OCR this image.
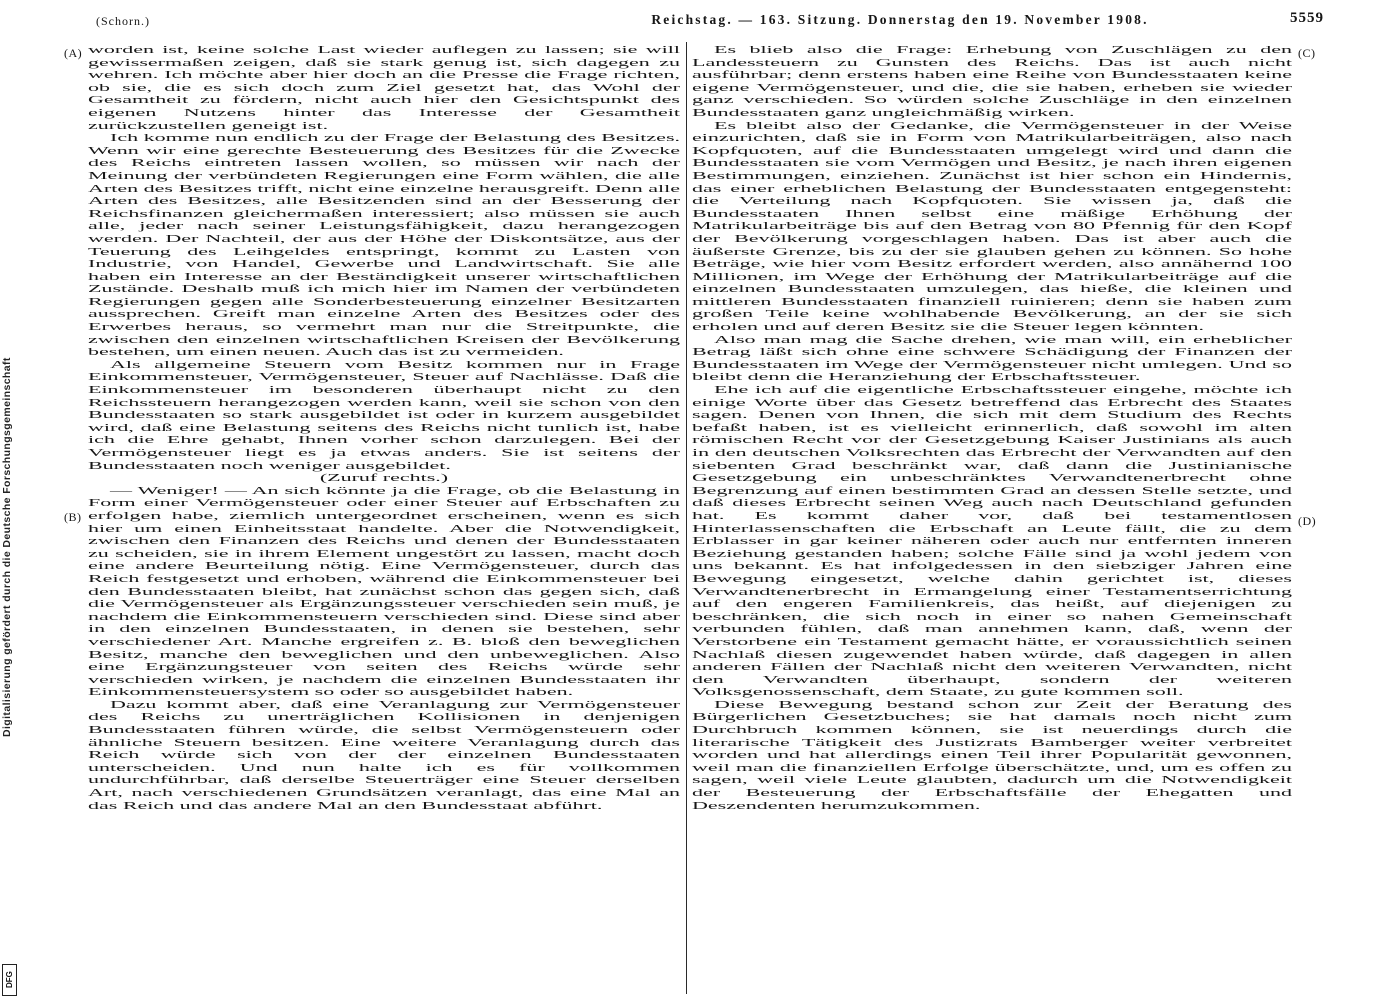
Digitalisierung gefördert durch die Deutsche Forschungsgemeinschaft
DFG
(Schorn.)	Reichstag. — 163. Sitzung. Donnerstag den 19. November 1908.	5559
(A)
(B)
(C)
(D)

worden ist, keine solche Last wieder auflegen zu lassen; sie will gewissermaßen zeigen, daß sie stark genug ist, sich dagegen zu wehren. Ich möchte aber hier doch an die Presse die Frage richten, ob sie, die es sich doch zum Ziel gesetzt hat, das Wohl der Gesamtheit zu fördern, nicht auch hier den Gesichtspunkt des eigenen Nutzens hinter das Interesse der Gesamtheit zurückzustellen geneigt ist.

Ich komme nun endlich zu der Frage der Belastung des Besitzes. Wenn wir eine gerechte Besteuerung des Besitzes für die Zwecke des Reichs eintreten lassen wollen, so müssen wir nach der Meinung der verbündeten Regierungen eine Form wählen, die alle Arten des Besitzes trifft, nicht eine einzelne herausgreift. Denn alle Arten des Besitzes, alle Besitzenden sind an der Besserung der Reichsfinanzen gleichermaßen interessiert; also müssen sie auch alle, jeder nach seiner Leistungsfähigkeit, dazu herangezogen werden. Der Nachteil, der aus der Höhe der Diskontsätze, aus der Teuerung des Leihgeldes entspringt, kommt zu Lasten von Industrie, von Handel, Gewerbe und Landwirtschaft. Sie alle haben ein Interesse an der Beständigkeit unserer wirtschaftlichen Zustände. Deshalb muß ich mich hier im Namen der verbündeten Regierungen gegen alle Sonderbesteuerung einzelner Besitzarten aussprechen. Greift man einzelne Arten des Besitzes oder des Erwerbes heraus, so vermehrt man nur die Streitpunkte, die zwischen den einzelnen wirtschaftlichen Kreisen der Bevölkerung bestehen, um einen neuen. Auch das ist zu vermeiden.

Als allgemeine Steuern vom Besitz kommen nur in Frage Einkommensteuer, Vermögensteuer, Steuer auf Nachlässe. Daß die Einkommensteuer im besonderen überhaupt nicht zu den Reichssteuern herangezogen werden kann, weil sie schon von den Bundesstaaten so stark ausgebildet ist oder in kurzem ausgebildet wird, daß eine Belastung seitens des Reichs nicht tunlich ist, habe ich die Ehre gehabt, Ihnen vorher schon darzulegen. Bei der Vermögensteuer liegt es ja etwas anders. Sie ist seitens der Bundesstaaten noch weniger ausgebildet.

(Zuruf rechts.)

— Weniger! — An sich könnte ja die Frage, ob die Belastung in Form einer Vermögensteuer oder einer Steuer auf Erbschaften zu erfolgen habe, ziemlich untergeordnet erscheinen, wenn es sich hier um einen Einheitsstaat handelte. Aber die Notwendigkeit, zwischen den Finanzen des Reichs und denen der Bundesstaaten zu scheiden, sie in ihrem Element ungestört zu lassen, macht doch eine andere Beurteilung nötig. Eine Vermögensteuer, durch das Reich festgesetzt und erhoben, während die Einkommensteuer bei den Bundesstaaten bleibt, hat zunächst schon das gegen sich, daß die Vermögensteuer als Ergänzungssteuer verschieden sein muß, je nachdem die Einkommensteuern verschieden sind. Diese sind aber in den einzelnen Bundesstaaten, in denen sie bestehen, sehr verschiedener Art. Manche ergreifen z. B. bloß den beweglichen Besitz, manche den beweglichen und den unbeweglichen. Also eine Ergänzungsteuer von seiten des Reichs würde sehr verschieden wirken, je nachdem die einzelnen Bundesstaaten ihr Einkommensteuersystem so oder so ausgebildet haben.

Dazu kommt aber, daß eine Veranlagung zur Vermögensteuer des Reichs zu unerträglichen Kollisionen in denjenigen Bundesstaaten führen würde, die selbst Vermögensteuern oder ähnliche Steuern besitzen. Eine weitere Veranlagung durch das Reich würde sich von der der einzelnen Bundesstaaten unterscheiden. Und nun halte ich es für vollkommen undurchführbar, daß derselbe Steuerträger eine Steuer derselben Art, nach verschiedenen Grundsätzen veranlagt, das eine Mal an das Reich und das andere Mal an den Bundesstaat abführt.

Es blieb also die Frage: Erhebung von Zuschlägen zu den Landessteuern zu Gunsten des Reichs. Das ist auch nicht ausführbar; denn erstens haben eine Reihe von Bundesstaaten keine eigene Vermögensteuer, und die, die sie haben, erheben sie wieder ganz verschieden. So würden solche Zuschläge in den einzelnen Bundesstaaten ganz ungleichmäßig wirken.

Es bleibt also der Gedanke, die Vermögensteuer in der Weise einzurichten, daß sie in Form von Matrikularbeiträgen, also nach Kopfquoten, auf die Bundesstaaten umgelegt wird und dann die Bundesstaaten sie vom Vermögen und Besitz, je nach ihren eigenen Bestimmungen, einziehen. Zunächst ist hier schon ein Hindernis, das einer erheblichen Belastung der Bundesstaaten entgegensteht: die Verteilung nach Kopfquoten. Sie wissen ja, daß die Bundesstaaten Ihnen selbst eine mäßige Erhöhung der Matrikularbeiträge bis auf den Betrag von 80 Pfennig für den Kopf der Bevölkerung vorgeschlagen haben. Das ist aber auch die äußerste Grenze, bis zu der sie glauben gehen zu können. So hohe Beträge, wie hier vom Besitz erfordert werden, also annähernd 100 Millionen, im Wege der Erhöhung der Matrikularbeiträge auf die einzelnen Bundesstaaten umzulegen, das hieße, die kleinen und mittleren Bundesstaaten finanziell ruinieren; denn sie haben zum großen Teile keine wohlhabende Bevölkerung, an der sie sich erholen und auf deren Besitz sie die Steuer legen könnten.

Also man mag die Sache drehen, wie man will, ein erheblicher Betrag läßt sich ohne eine schwere Schädigung der Finanzen der Bundesstaaten im Wege der Vermögensteuer nicht umlegen. Und so bleibt denn die Heranziehung der Erbschaftssteuer.

Ehe ich auf die eigentliche Erbschaftssteuer eingehe, möchte ich einige Worte über das Gesetz betreffend das Erbrecht des Staates sagen. Denen von Ihnen, die sich mit dem Studium des Rechts befaßt haben, ist es vielleicht erinnerlich, daß sowohl im alten römischen Recht vor der Gesetzgebung Kaiser Justinians als auch in den deutschen Volksrechten das Erbrecht der Verwandten auf den siebenten Grad beschränkt war, daß dann die Justinianische Gesetzgebung ein unbeschränktes Verwandtenerbrecht ohne Begrenzung auf einen bestimmten Grad an dessen Stelle setzte, und daß dieses Erbrecht seinen Weg auch nach Deutschland gefunden hat. Es kommt daher vor, daß bei testamentlosen Hinterlassenschaften die Erbschaft an Leute fällt, die zu dem Erblasser in gar keiner näheren oder auch nur entfernten inneren Beziehung gestanden haben; solche Fälle sind ja wohl jedem von uns bekannt. Es hat infolgedessen in den siebziger Jahren eine Bewegung eingesetzt, welche dahin gerichtet ist, dieses Verwandtenerbrecht in Ermangelung einer Testamentserrichtung auf den engeren Familienkreis, das heißt, auf diejenigen zu beschränken, die sich noch in einer so nahen Gemeinschaft verbunden fühlen, daß man annehmen kann, daß, wenn der Verstorbene ein Testament gemacht hätte, er voraussichtlich seinen Nachlaß diesen zugewendet haben würde, daß dagegen in allen anderen Fällen der Nachlaß nicht den weiteren Verwandten, nicht den Verwandten überhaupt, sondern der weiteren Volksgenossenschaft, dem Staate, zu gute kommen soll.

Diese Bewegung bestand schon zur Zeit der Beratung des Bürgerlichen Gesetzbuches; sie hat damals noch nicht zum Durchbruch kommen können, sie ist neuerdings durch die literarische Tätigkeit des Justizrats Bamberger weiter verbreitet worden und hat allerdings einen Teil ihrer Popularität gewonnen, weil man die finanziellen Erfolge überschätzte, und, um es offen zu sagen, weil viele Leute glaubten, dadurch um die Notwendigkeit der Besteuerung der Erbschaftsfälle der Ehegatten und Deszendenten herumzukommen.
